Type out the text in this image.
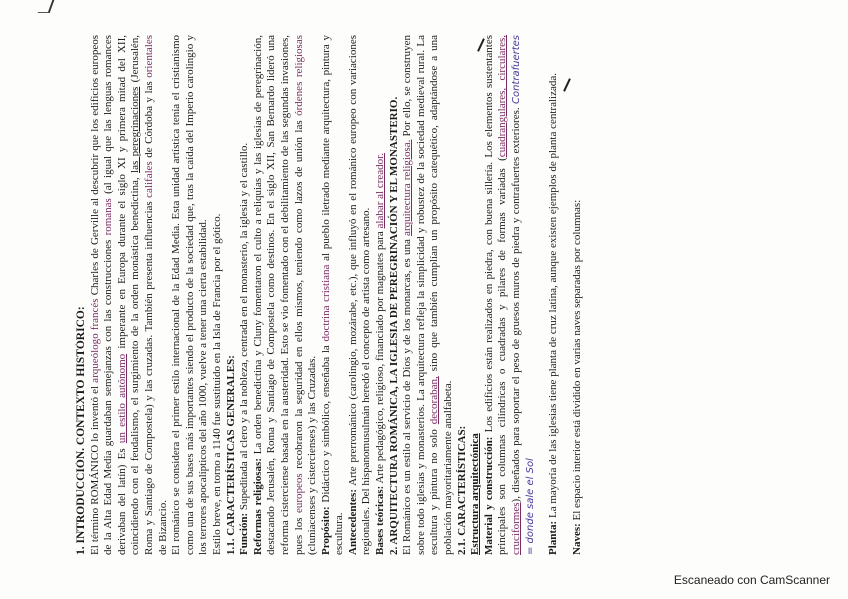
1. INTRODUCCIÓN. CONTEXTO HISTÓRICO: El término ROMÁNICO lo inventó el arqueólogo francés Charles de Gerville al descubrir que los edificios europeos de la Alta Edad Media guardaban semejanzas con las construcciones romanas (al igual que las lenguas romances derivaban del latín) Es un estilo autónomo imperante en Europa durante el siglo XI y primera mitad del XII, coincidiendo con el feudalismo, el surgimiento de la orden monástica benedictina, las peregrinaciones (Jerusalén, Roma y Santiago de Compostela) y las cruzadas. También presenta influencias califales de Córdoba y las orientales de Bizancio. El románico se considera el primer estilo internacional de la Edad Media. Esta unidad artística tenía el cristianismo como una de sus bases más importantes siendo el producto de la sociedad que, tras la caída del Imperio carolingio y los terrores apocalípticos del año 1000, vuelve a tener una cierta estabilidad. Estilo breve, en torno a 1140 fue sustituido en la Isla de Francia por el gótico. 1.1. CARACTERÍSTICAS GENERALES: Función: Supeditada al clero y a la nobleza, centrada en el monasterio, la iglesia y el castillo. Reformas religiosas: La orden benedictina y Cluny fomentaron el culto a reliquias y las iglesias de peregrinación, destacando Jerusalén, Roma y Santiago de Compostela como destinos. En el siglo XII, San Bernardo lideró una reforma cisterciense basada en la austeridad. Esto se vio fomentado con el debilitamiento de las segundas invasiones, pues los europeos recobraron la seguridad en ellos mismos, teniendo como lazos de unión las órdenes religiosas (cluniacenses y cistercienses) y las Cruzadas. Propósito: Didáctico y simbólico, enseñaba la doctrina cristiana al pueblo iletrado mediante arquitectura, pintura y escultura. Antecedentes: Arte prerrománico (carolingio, mozárabe, etc.), que influyó en el románico europeo con variaciones regionales. Del hispanomusulmán heredó el concepto de artista como artesano. Bases teóricas: Arte pedagógico, religioso, financiado por magnates para alabar al creador. 2. ARQUITECTURA ROMÁNICA, LA IGLESIA DE PEREGRINACIÓN Y EL MONASTERIO. El Románico es un estilo al servicio de Dios y de los monarcas, es una arquitectura religiosa. Por ello, se construyen sobre todo iglesias y monasterios. La arquitectura refleja la simplicidad y robustez de la sociedad medieval rural. La escultura y pintura no solo decoraban, sino que también cumplían un propósito catequético, adaptándose a una población mayoritariamente analfabeta. 2.1. CARACTERÍSTICAS: Estructura arquitectónica Material y construcción: Los edificios están realizados en piedra, con buena sillería. Los elementos sustentantes principales son columnas cilíndricas o cuadradas y pilares de formas variadas (cuadrangulares, circulares, cruciformes), diseñados para soportar el peso de gruesos muros de piedra y contrafuertes exteriores. Contrafuertes = donde sale el Sol Planta: La mayoría de las iglesias tiene planta de cruz latina, aunque existen ejemplos de planta centralizada.

Naves: El espacio interior está dividido en varias naves separadas por columnas:

Escaneado con CamScanner
